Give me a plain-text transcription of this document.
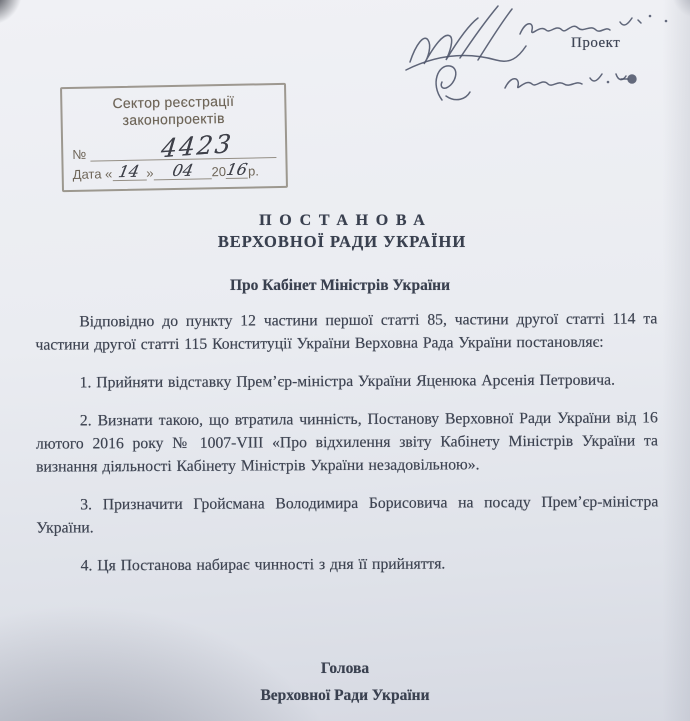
Проект
Сектор реєстрації
законопроектів
№	4423
Дата « 14 »	04	20
16
р.
ПОСТАНОВА
ВЕРХОВНОЇ РАДИ УКРАЇНИ
Про Кабінет Міністрів України

Відповідно до пункту 12 частини першої статті 85, частини другої статті 114 та частини другої статті 115 Конституції України Верховна Рада України постановляє:

1. Прийняти відставку Прем’єр-міністра України Яценюка Арсенія Петровича.

2. Визнати такою, що втратила чинність, Постанову Верховної Ради України від 16 лютого 2016 року № 1007-VIII «Про відхилення звіту Кабінету Міністрів України та визнання діяльності Кабінету Міністрів України незадовільною».

3. Призначити Гройсмана Володимира Борисовича на посаду Прем’єр-міністра України.

4. Ця Постанова набирає чинності з дня її прийняття.

Голова
Верховної Ради України
